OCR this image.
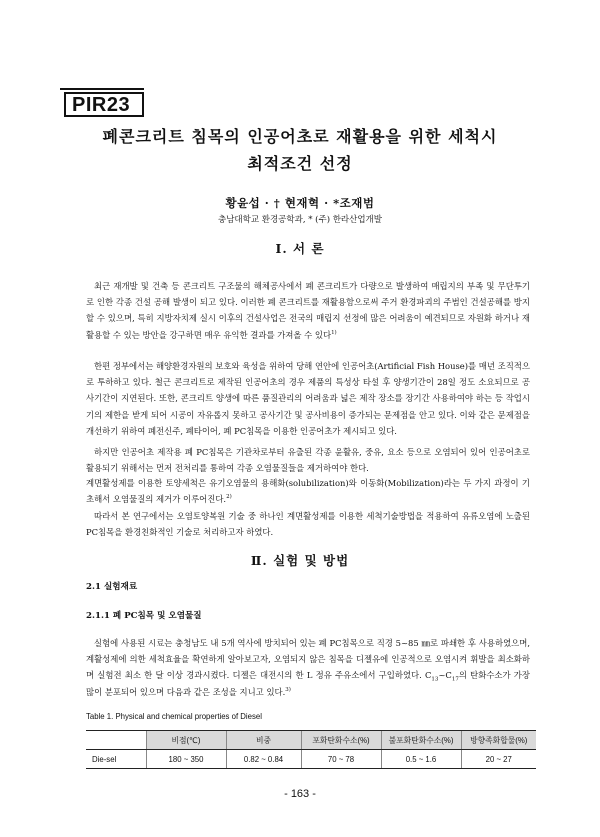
PIR23
폐콘크리트 침목의 인공어초로 재활용을 위한 세척시
최적조건 선정
황윤섭 · † 현재혁 · *조재범
충남대학교 환경공학과, * (주) 한라산업개발
Ⅰ. 서 론

최근 재개발 및 건축 등 콘크리트 구조물의 해체공사에서 폐 콘크리트가 다량으로 발생하여 매립지의 부족 및 무단투기로 인한 각종 건설 공해 발생이 되고 있다. 이러한 폐 콘크리트를 재활용함으로써 주거 환경파괴의 주범인 건설공해를 방지할 수 있으며, 특히 지방자치제 실시 이후의 건설사업은 전국의 매립지 선정에 많은 어려움이 예견되므로 자원화 하거나 재활용할 수 있는 방안을 강구하면 매우 유익한 결과를 가져올 수 있다$^{1)}$

한편 정부에서는 해양환경자원의 보호와 육성을 위하여 당해 연안에 인공어초(Artificial Fish House)를 매년 조직적으로 투하하고 있다. 철근 콘크리트로 제작된 인공어초의 경우 제품의 특성상 타설 후 양생기간이 28일 정도 소요되므로 공사기간이 지연된다. 또한, 콘크리트 양생에 따른 품질관리의 어려움과 넓은 제작 장소를 장기간 사용하여야 하는 등 작업시기의 제한을 받게 되어 시공이 자유롭지 못하고 공사기간 및 공사비용이 증가되는 문제점을 안고 있다. 이와 같은 문제점을 개선하기 위하여 폐전신주, 폐타이어, 폐 PC침목을 이용한 인공어초가 제시되고 있다.

하지만 인공어초 제작용 폐 PC침목은 기관차로부터 유출된 각종 윤활유, 중유, 요소 등으로 오염되어 있어 인공어초로 활용되기 위해서는 먼저 전처리를 통하여 각종 오염물질들을 제거하여야 한다.

계면활성제를 이용한 토양세척은 유기오염물의 용해화(solubilization)와 이동화(Mobilization)라는 두 가지 과정이 기초해서 오염물질의 제거가 이루어진다.$^{2)}$

따라서 본 연구에서는 오염토양복원 기술 중 하나인 계면활성제를 이용한 세척기술방법을 적용하여 유류오염에 노출된 PC침목을 환경친화적인 기술로 처리하고자 하였다.

Ⅱ. 실험 및 방법
2.1 실험재료
2.1.1 폐 PC침목 및 오염물질

실험에 사용된 시료는 충청남도 내 5개 역사에 방치되어 있는 폐 PC침목으로 직경 5~85 ㎜로 파쇄한 후 사용하였으며, 계활성제에 의한 세척효율을 확연하게 알아보고자, 오염되지 않은 침목을 디젤유에 인공적으로 오염시켜 휘발을 최소화하며 실험전 최소 한 달 이상 경과시켰다. 디젤은 대전시의 한 L 정유 주유소에서 구입하였다. $C_{13}\sim C_{17}$의 탄화수소가 가장 많이 분포되어 있으며 다음과 같은 조성을 지니고 있다.$^{3)}$

Table 1. Physical and chemical properties of Diesel
	비점(℃)	비중	포화탄화수소(%)	불포화탄화수소(%)	방향족화합물(%)
Die-sel	180 ~ 350	0.82 ~ 0.84	70 ~ 78	0.5 ~ 1.6	20 ~ 27
- 163 -
